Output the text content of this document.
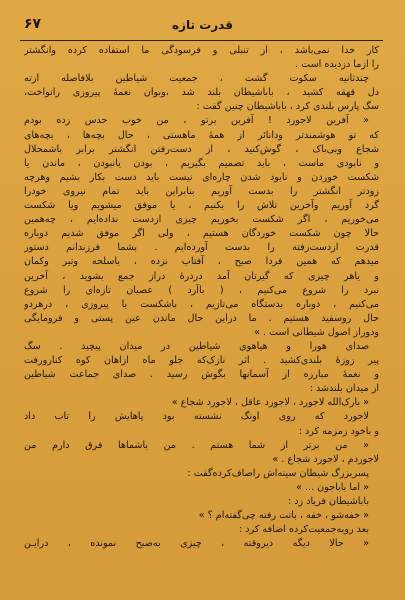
قدرت تازه
۶۷
کار خدا نمی‌باشد ، از تنبلی و فرسودگی ما استفاده کرده وانگشتر
را ازما دزدیده است .
چندثانیه سکوت گشت ، جمعیت شیاطین بلافاصله ازته
دل قهقه کشید ، باباشیطان بلند شد ،وبوان نغمهٔ پیروزی راتواخت،
سگ پارس بلندی کرد ، باباشیطان چنین گفت :
« آفرین لاجورد ! آفرین برتو ، من خوب حدس زده بودم
که تو هوشمندتر ودانائر از همهٔ ماهستی ، حال بچه‌ها ، بچه‌های
شجاع وبی‌باک ، گوش‌کنید ، از دست‌رفتن انگشتر برابر باشمحلال
و نابودی ماست ، باید تصمیم بگیریم ، بودن یانبودن ، ماندن یا
شکست خوردن و نابود شدن چاره‌ای نیست باید دست بکار بشیم وهرچه
زودتر انگشتر را بدست آوریم بنابراین باید تمام نیروی خودرا
گرد آوریم وآخرین تلاش را بکنیم ، یا موفق میشویم ویا شکست
می‌خوریم ، اگر شکست بخوریم چیزی ازدست نداده‌ایم ، چه‌همین
حالا چون شکست خوردگان هستیم ، ولی اگر موفق شدیم دوباره
قدرت ازدست‌رفته را بدست آورده‌ایم . بشما فرزندانم دستور
میدهم که همین فردا صبح ، آفتاب نزده ، باسلحه وتیر وکمان
و یاهر چیزی که گیرتان آمد دردرهٔ دراز جمع بشوید ، آخرین
نبرد را شروع می‌کنیم ، ( باآرد ) عصیان تازه‌ای را شروع
می‌کنیم ، دوباره بدستگاه می‌تازیم ، باشکست یا پیروزی ، درهردو
حال روسفید هستیم . ما دراین حال ماندن عین پستی و فرومایگی
ودوراز اصول شیطانی است . »
صدای هورا و هیاهوی شیاطین در میدان پیچید . سگ
پیر زوزهٔ بلندی‌کشید . اثر نازک‌که جلو ماه ازاهان کوه کنارورفت
و نغمهٔ مبارزه از آسمانها بگوش رسید . صدای جماعت شیاطین
از میدان بلندشد :
« بارک‌الله لاجورد ، لاجورد عاقل ، لاجورد شجاع »
لاجورد که روی اونگ نشسته بود پاهایش را تاب داد
و باخود زمزمه کرد :
« من برتر از شما هستم . من باشماها فرق دارم من
لاجوردم ، لاجورد شجاع . »
پسربزرگ شیطان سینه‌اش راصاف‌کرده‌گفت :
« اما باباجون ... »
باباشیطان فریاد زد :
« خفه‌شو ، خفه ، باتت رفته چی‌گفته‌ام ؟ »
بعد روبه‌جمعیت‌کرده اضافه کرد :
« حالا دیگه دیرو‌قته ، چیزی به‌صبح نمونده ، درایـن
